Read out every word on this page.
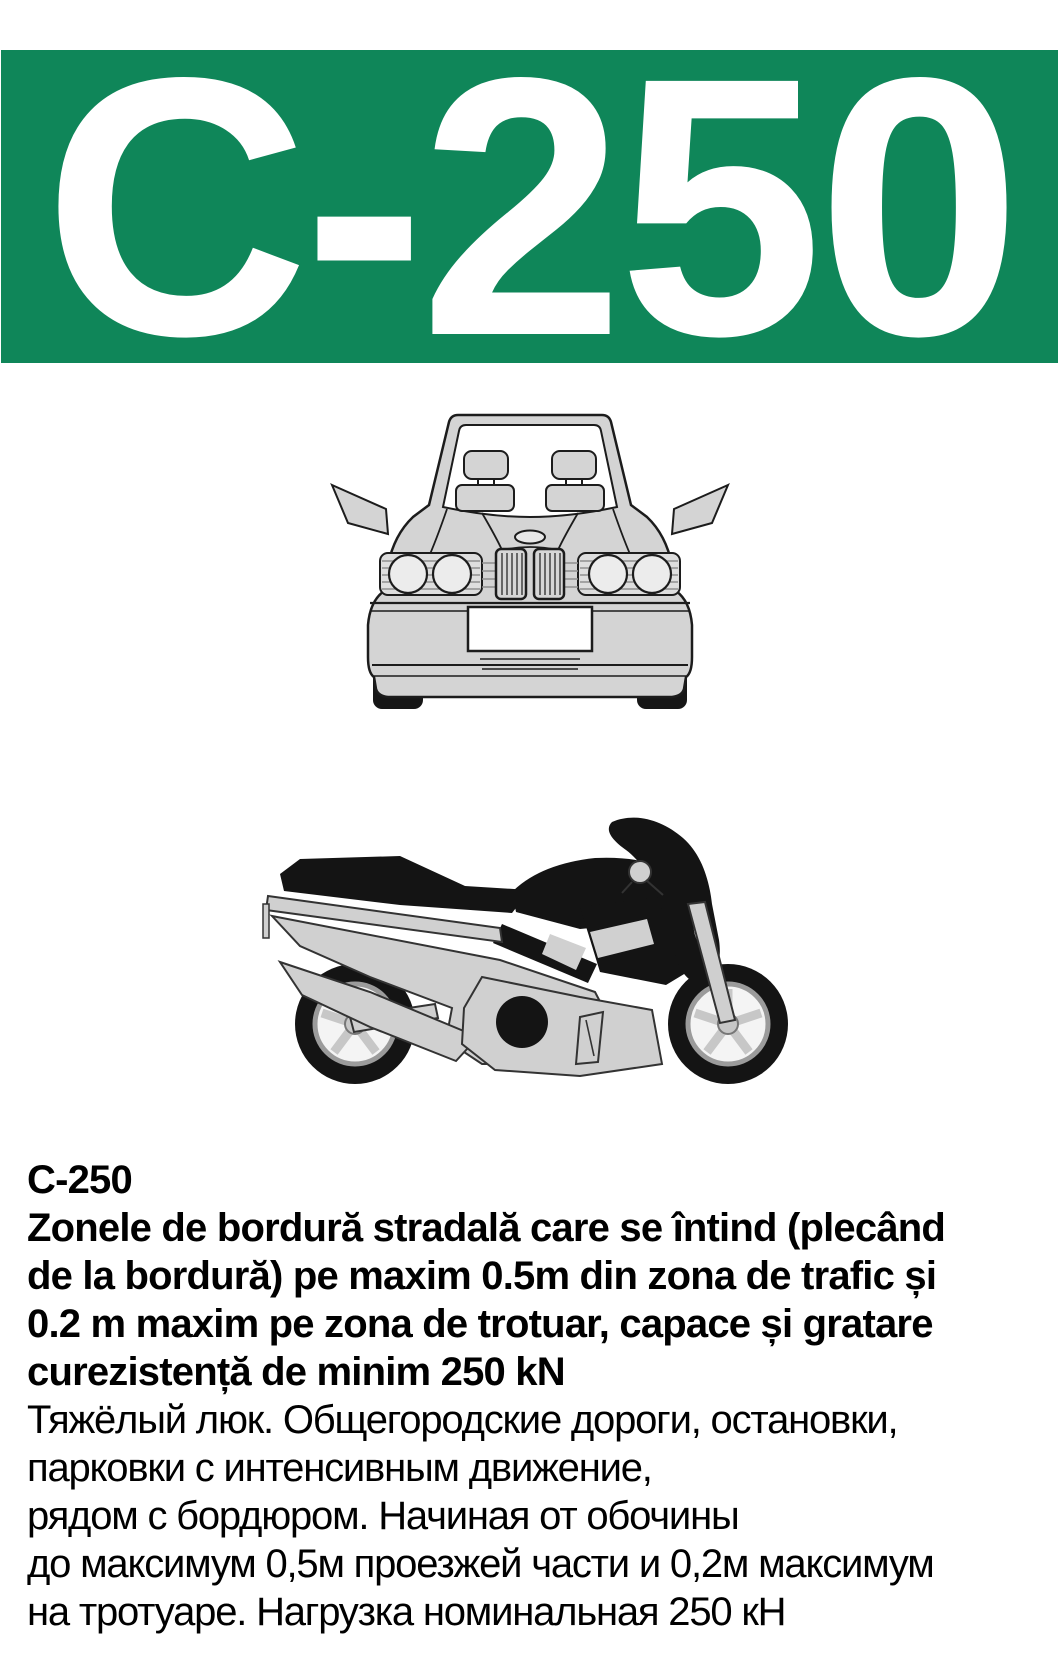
C-250
C-250
Zonele de bordură stradală care se întind (plecând
de la bordură) pe maxim 0.5m din zona de trafic și
0.2 m maxim pe zona de trotuar, capace și gratare
curezistență de minim 250 kN
Тяжёлый люк. Общегородские дороги, остановки,
парковки с интенсивным движение,
рядом с бордюром. Начиная от обочины
до максимум 0,5м проезжей части и 0,2м максимум
на тротуаре. Нагрузка номинальная 250 кН
